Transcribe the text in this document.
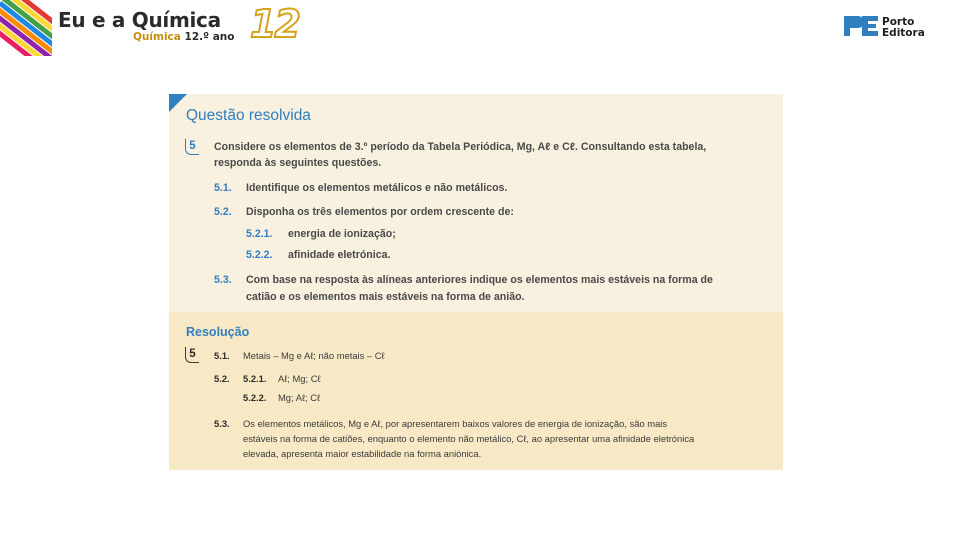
Eu e a Química
Química 12.º ano 12	Porto
Editora
Questão resolvida
5	Considere os elementos de 3.º período da Tabela Periódica, Mg, Aℓ e Cℓ. Consultando esta tabela,
responda às seguintes questões.
5.1. Identifique os elementos metálicos e não metálicos.
5.2. Disponha os três elementos por ordem crescente de:
5.2.1. energia de ionização;
5.2.2. afinidade eletrónica.
5.3. Com base na resposta às alíneas anteriores indique os elementos mais estáveis na forma de
catião e os elementos mais estáveis na forma de anião.
Resolução
5	5.1. Metais – Mg e Aℓ; não metais – Cℓ
5.2. 5.2.1. Aℓ; Mg; Cℓ
5.2.2. Mg; Aℓ; Cℓ
5.3. Os elementos metálicos, Mg e Aℓ, por apresentarem baixos valores de energia de ionização, são mais
estáveis na forma de catiões, enquanto o elemento não metálico, Cℓ, ao apresentar uma afinidade eletrónica
elevada, apresenta maior estabilidade na forma aniónica.
